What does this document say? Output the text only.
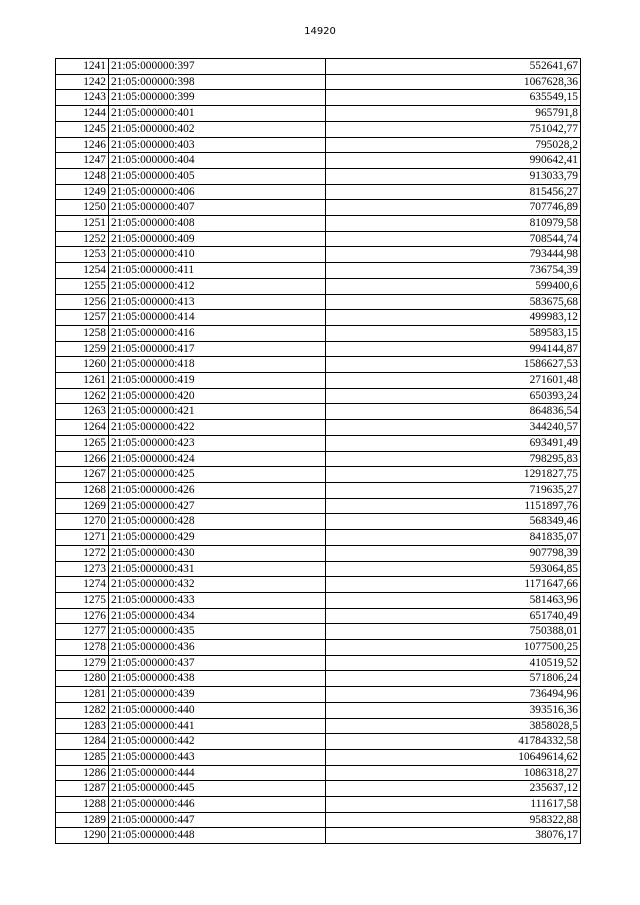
14920
1241	21:05:000000:397	552641,67
1242	21:05:000000:398	1067628,36
1243	21:05:000000:399	635549,15
1244	21:05:000000:401	965791,8
1245	21:05:000000:402	751042,77
1246	21:05:000000:403	795028,2
1247	21:05:000000:404	990642,41
1248	21:05:000000:405	913033,79
1249	21:05:000000:406	815456,27
1250	21:05:000000:407	707746,89
1251	21:05:000000:408	810979,58
1252	21:05:000000:409	708544,74
1253	21:05:000000:410	793444,98
1254	21:05:000000:411	736754,39
1255	21:05:000000:412	599400,6
1256	21:05:000000:413	583675,68
1257	21:05:000000:414	499983,12
1258	21:05:000000:416	589583,15
1259	21:05:000000:417	994144,87
1260	21:05:000000:418	1586627,53
1261	21:05:000000:419	271601,48
1262	21:05:000000:420	650393,24
1263	21:05:000000:421	864836,54
1264	21:05:000000:422	344240,57
1265	21:05:000000:423	693491,49
1266	21:05:000000:424	798295,83
1267	21:05:000000:425	1291827,75
1268	21:05:000000:426	719635,27
1269	21:05:000000:427	1151897,76
1270	21:05:000000:428	568349,46
1271	21:05:000000:429	841835,07
1272	21:05:000000:430	907798,39
1273	21:05:000000:431	593064,85
1274	21:05:000000:432	1171647,66
1275	21:05:000000:433	581463,96
1276	21:05:000000:434	651740,49
1277	21:05:000000:435	750388,01
1278	21:05:000000:436	1077500,25
1279	21:05:000000:437	410519,52
1280	21:05:000000:438	571806,24
1281	21:05:000000:439	736494,96
1282	21:05:000000:440	393516,36
1283	21:05:000000:441	3858028,5
1284	21:05:000000:442	41784332,58
1285	21:05:000000:443	10649614,62
1286	21:05:000000:444	1086318,27
1287	21:05:000000:445	235637,12
1288	21:05:000000:446	111617,58
1289	21:05:000000:447	958322,88
1290	21:05:000000:448	38076,17
